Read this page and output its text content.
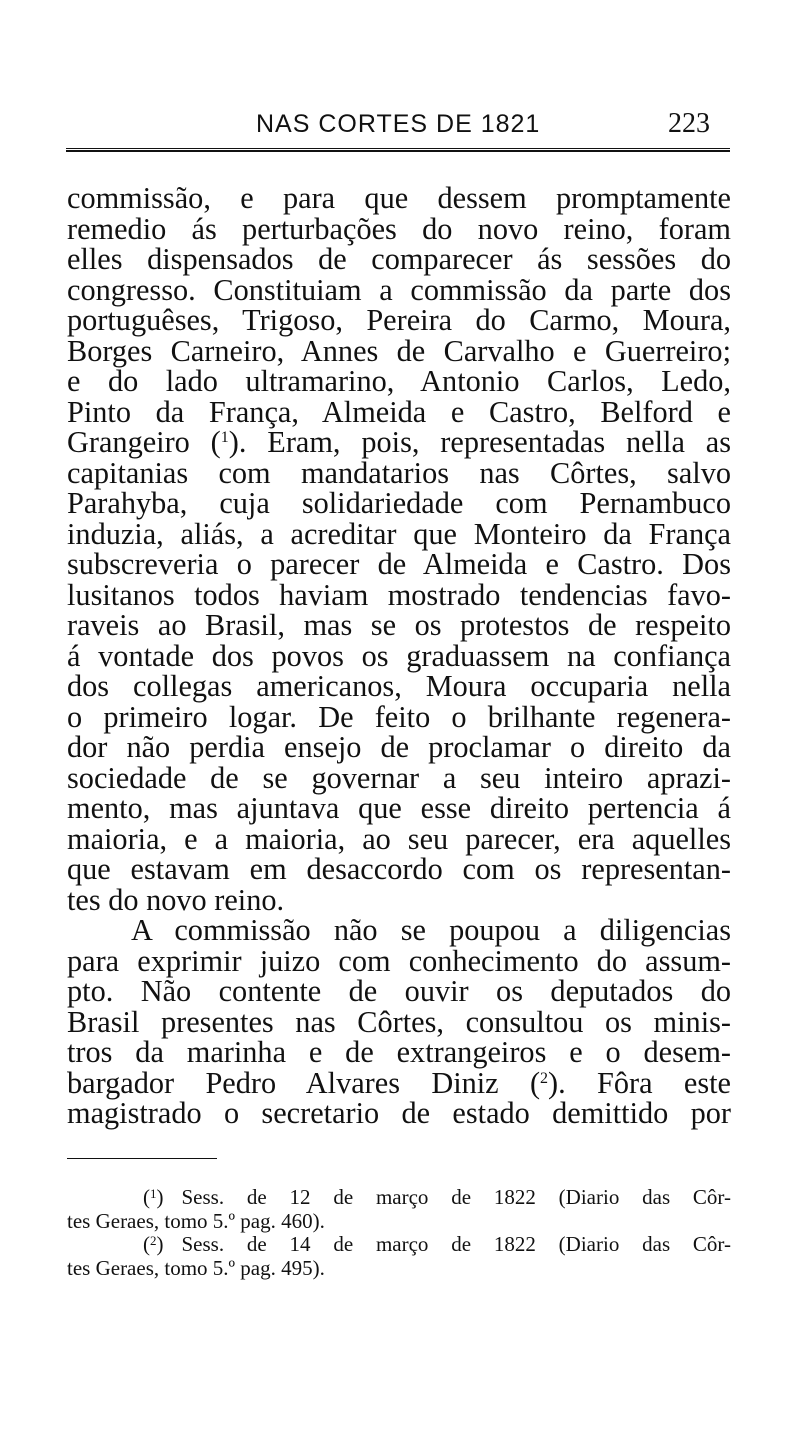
NAS CORTES DE 1821	223
commissão, e para que dessem promptamente
remedio ás perturbações do novo reino, foram
elles dispensados de comparecer ás sessões do
congresso. Constituiam a commissão da parte dos
portuguêses, Trigoso, Pereira do Carmo, Moura,
Borges Carneiro, Annes de Carvalho e Guerreiro;
e do lado ultramarino, Antonio Carlos, Ledo,
Pinto da França, Almeida e Castro, Belford e
Grangeiro ($^1$). Eram, pois, representadas nella as
capitanias com mandatarios nas Côrtes, salvo
Parahyba, cuja solidariedade com Pernambuco
induzia, aliás, a acreditar que Monteiro da França
subscreveria o parecer de Almeida e Castro. Dos
lusitanos todos haviam mostrado tendencias favo-
raveis ao Brasil, mas se os protestos de respeito
á vontade dos povos os graduassem na confiança
dos collegas americanos, Moura occuparia nella
o primeiro logar. De feito o brilhante regenera-
dor não perdia ensejo de proclamar o direito da
sociedade de se governar a seu inteiro aprazi-
mento, mas ajuntava que esse direito pertencia á
maioria, e a maioria, ao seu parecer, era aquelles
que estavam em desaccordo com os representan-
tes do novo reino.
A commissão não se poupou a diligencias
para exprimir juizo com conhecimento do assum-
pto. Não contente de ouvir os deputados do
Brasil presentes nas Côrtes, consultou os minis-
tros da marinha e de extrangeiros e o desem-
bargador Pedro Alvares Diniz ($^2$). Fôra este
magistrado o secretario de estado demittido por
($^1$) Sess. de 12 de março de 1822 (Diario das Côr-
tes Geraes, tomo 5.º pag. 460).
($^2$) Sess. de 14 de março de 1822 (Diario das Côr-
tes Geraes, tomo 5.º pag. 495).
